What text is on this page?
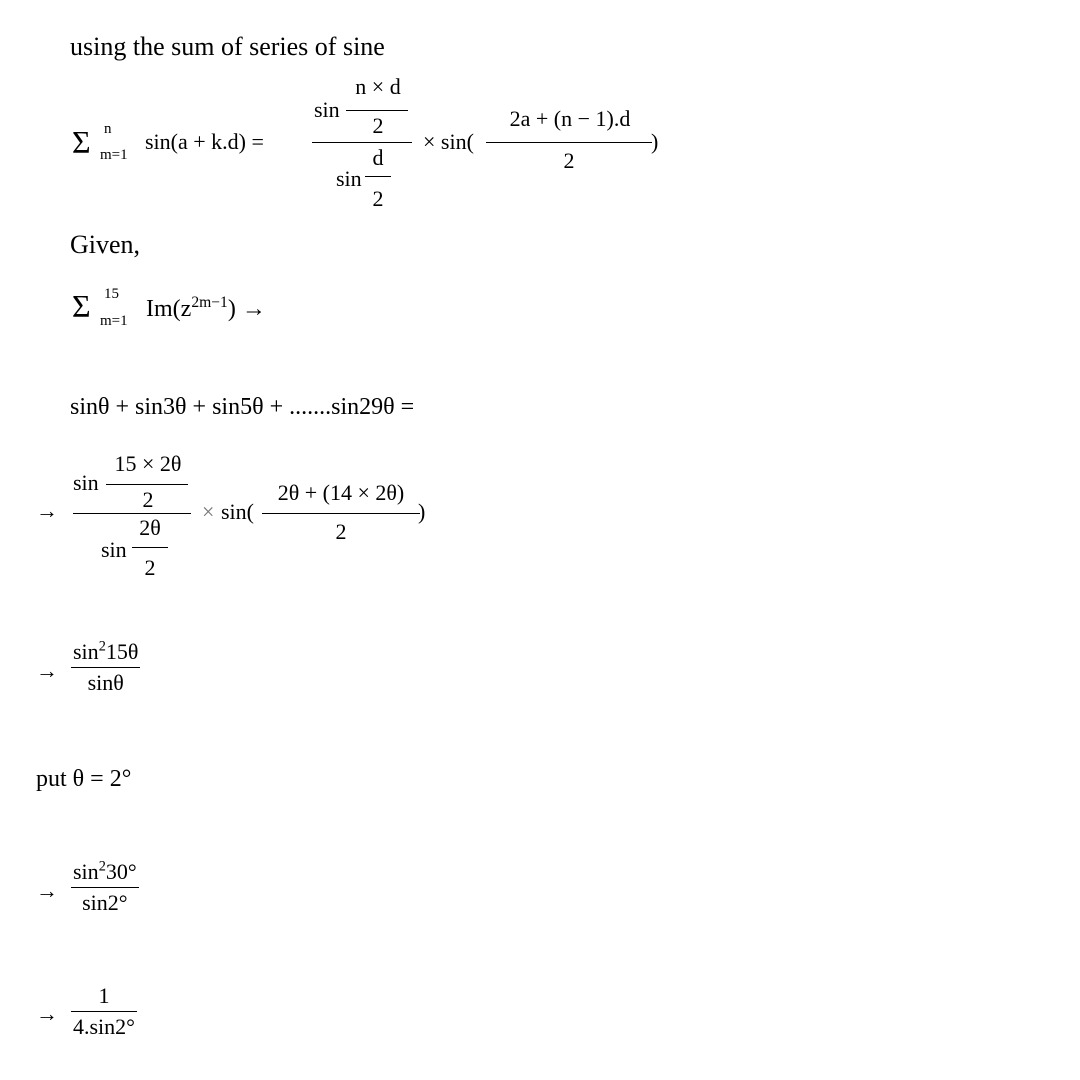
using the sum of series of sine
Σ n
m=1
sin(a + k.d) =
sin
n × d
2
d
sin
2
× sin(
2a + (n − 1).d
2
)
Given,
Σ 15
m=1 $Im(z^{2m-1})$ →
sinθ + sin3θ + sin5θ + .......sin29θ =
→
sin
15 × 2θ
2
2θ
sin
2
× sin(
2θ + (14 × 2θ)
2
)
→
$\sin^215\theta$
sinθ
put θ = 2°
→
$\sin^230^\circ$
sin2°
→
1
4.sin2°
